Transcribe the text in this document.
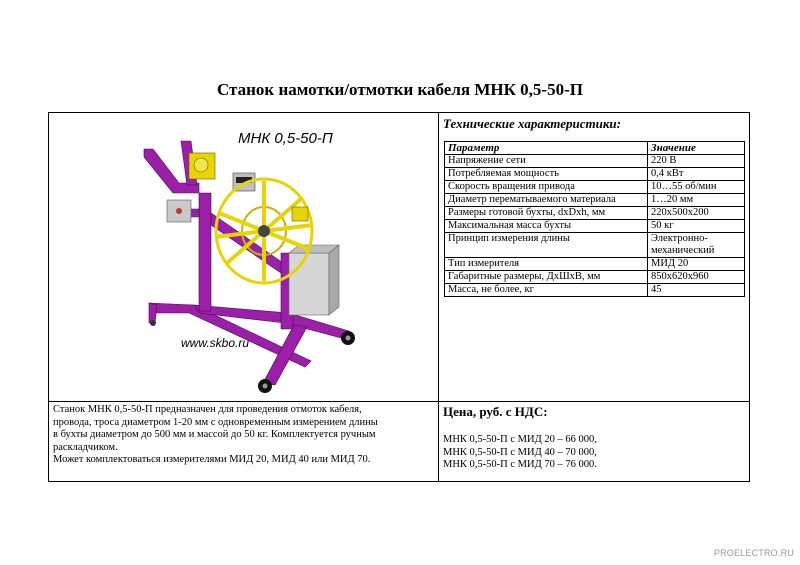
Станок намотки/отмотки кабеля МНК 0,5-50-П
МНК 0,5-50-П
www.skbo.ru
Технические характеристики:
Параметр	Значение
Напряжение сети	220 В
Потребляемая мощность	0,4 кВт
Скорость вращения привода	10…55 об/мин
Диаметр перематываемого материала	1…20 мм
Размеры готовой бухты, dxDxh, мм	220х500х200
Максимальная масса бухты	50 кг
Принцип измерения длины	Электронно-механический
Тип измерителя	МИД 20
Габаритные размеры, ДхШхВ, мм	850х620х960
Масса, не более, кг	45
Станок МНК 0,5-50-П предназначен для проведения отмоток кабеля,
провода, троса диаметром 1-20 мм с одновременным измерением длины
в бухты диаметром до 500 мм и массой до 50 кг. Комплектуется ручным
раскладчиком.
Может комплектоваться измерителями МИД 20, МИД 40 или МИД 70.
Цена, руб. с НДС:
МНК 0,5-50-П с МИД 20 – 66 000,
МНК 0,5-50-П с МИД 40 – 70 000,
МНК 0,5-50-П с МИД 70 – 76 000.
PROELECTRO.RU
